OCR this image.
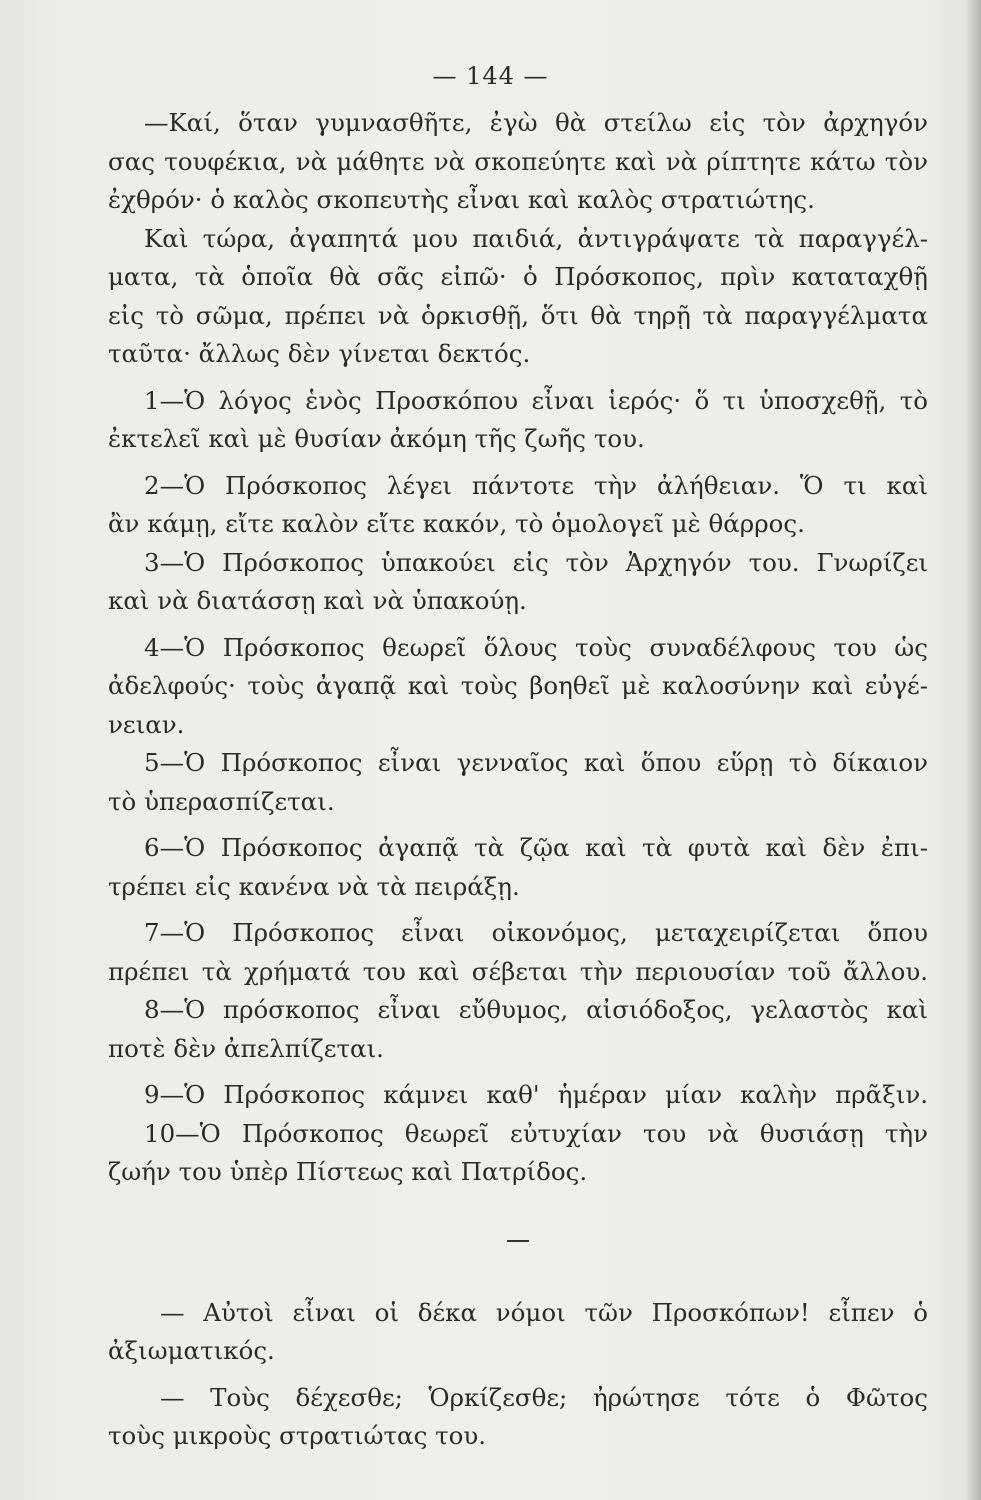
— 144 —
—Καί, ὅταν γυμνασθῆτε, ἐγὼ θὰ στείλω εἰς τὸν ἀρχηγόν
σας τουφέκια, νὰ μάθητε νὰ σκοπεύητε καὶ νὰ ρίπτητε κάτω τὸν
ἐχθρόν· ὁ καλὸς σκοπευτὴς εἶναι καὶ καλὸς στρατιώτης.
Καὶ τώρα, ἀγαπητά μου παιδιά, ἀντιγράψατε τὰ παραγγέλ-
ματα, τὰ ὁποῖα θὰ σᾶς εἰπῶ· ὁ Πρόσκοπος, πρὶν καταταχθῇ
εἰς τὸ σῶμα, πρέπει νὰ ὁρκισθῇ, ὅτι θὰ τηρῇ τὰ παραγγέλματα
ταῦτα· ἄλλως δὲν γίνεται δεκτός.
1—Ὁ λόγος ἑνὸς Προσκόπου εἶναι ἱερός· ὅ τι ὑποσχεθῇ, τὸ
ἐκτελεῖ καὶ μὲ θυσίαν ἀκόμη τῆς ζωῆς του.
2—Ὁ Πρόσκοπος λέγει πάντοτε τὴν ἀλήθειαν. Ὅ τι καὶ
ἂν κάμῃ, εἴτε καλὸν εἴτε κακόν, τὸ ὁμολογεῖ μὲ θάρρος.
3—Ὁ Πρόσκοπος ὑπακούει εἰς τὸν Ἀρχηγόν του. Γνωρίζει
καὶ νὰ διατάσσῃ καὶ νὰ ὑπακούῃ.
4—Ὁ Πρόσκοπος θεωρεῖ ὅλους τοὺς συναδέλφους του ὡς
ἀδελφούς· τοὺς ἀγαπᾷ καὶ τοὺς βοηθεῖ μὲ καλοσύνην καὶ εὐγέ-
νειαν.
5—Ὁ Πρόσκοπος εἶναι γενναῖος καὶ ὅπου εὕρῃ τὸ δίκαιον
τὸ ὑπερασπίζεται.
6—Ὁ Πρόσκοπος ἀγαπᾷ τὰ ζῷα καὶ τὰ φυτὰ καὶ δὲν ἐπι-
τρέπει εἰς κανένα νὰ τὰ πειράξῃ.
7—Ὁ Πρόσκοπος εἶναι οἰκονόμος, μεταχειρίζεται ὅπου
πρέπει τὰ χρήματά του καὶ σέβεται τὴν περιουσίαν τοῦ ἄλλου.
8—Ὁ πρόσκοπος εἶναι εὔθυμος, αἰσιόδοξος, γελαστὸς καὶ
ποτὲ δὲν ἀπελπίζεται.
9—Ὁ Πρόσκοπος κάμνει καθ' ἡμέραν μίαν καλὴν πρᾶξιν.
10—Ὁ Πρόσκοπος θεωρεῖ εὐτυχίαν του νὰ θυσιάσῃ τὴν
ζωήν του ὑπὲρ Πίστεως καὶ Πατρίδος.
— Αὐτοὶ εἶναι οἱ δέκα νόμοι τῶν Προσκόπων! εἶπεν ὁ
ἀξιωματικός.
— Τοὺς δέχεσθε; Ὁρκίζεσθε; ἠρώτησε τότε ὁ Φῶτος
τοὺς μικροὺς στρατιώτας του.
